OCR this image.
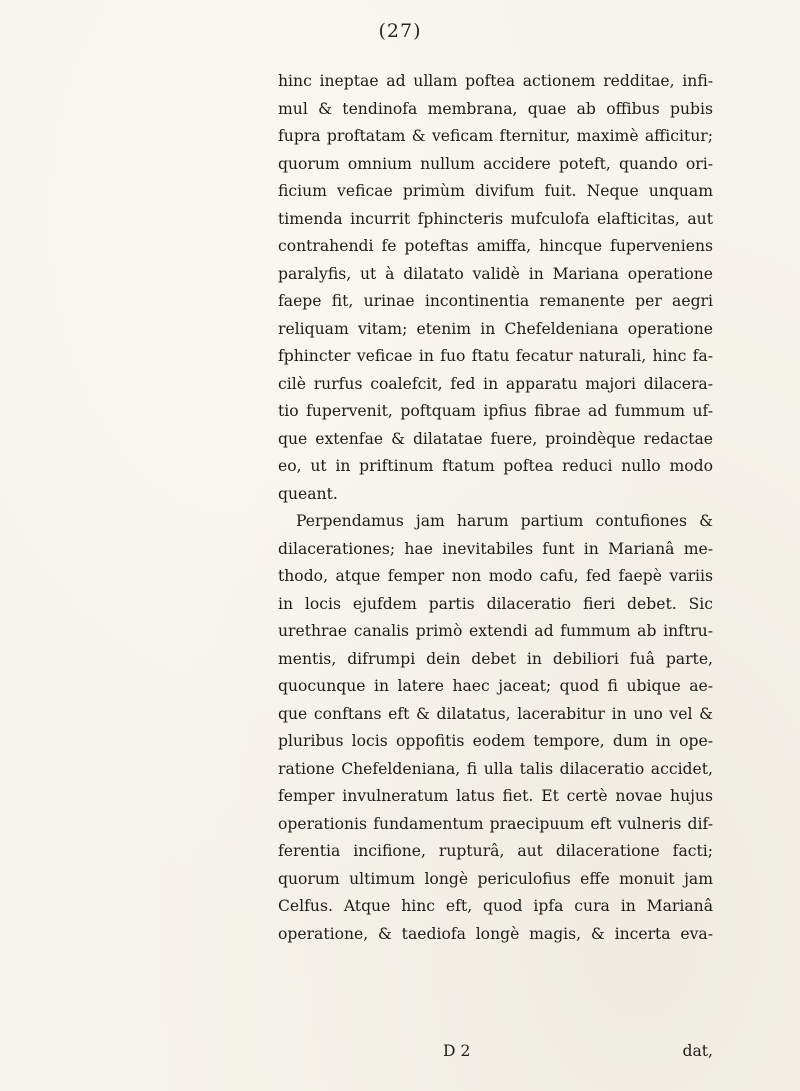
(27)
hinc ineptae ad ullam poftea actionem redditae, infi-
mul & tendinofa membrana, quae ab offibus pubis
fupra proftatam & veficam fternitur, maximè afficitur;
quorum omnium nullum accidere poteft, quando ori-
ficium veficae primùm divifum fuit. Neque unquam
timenda incurrit fphincteris mufculofa elafticitas, aut
contrahendi fe poteftas amiffa, hincque fuperveniens
paralyfis, ut à dilatato validè in Mariana operatione
faepe fit, urinae incontinentia remanente per aegri
reliquam vitam; etenim in Chefeldeniana operatione
fphincter veficae in fuo ftatu fecatur naturali, hinc fa-
cilè rurfus coalefcit, fed in apparatu majori dilacera-
tio fupervenit, poftquam ipfius fibrae ad fummum uf-
que extenfae & dilatatae fuere, proindèque redactae
eo, ut in priftinum ftatum poftea reduci nullo modo
queant.
Perpendamus jam harum partium contufiones &
dilacerationes; hae inevitabiles funt in Marianâ me-
thodo, atque femper non modo cafu, fed faepè variis
in locis ejufdem partis dilaceratio fieri debet. Sic
urethrae canalis primò extendi ad fummum ab inftru-
mentis, difrumpi dein debet in debiliori fuâ parte,
quocunque in latere haec jaceat; quod fi ubique ae-
que conftans eft & dilatatus, lacerabitur in uno vel &
pluribus locis oppofitis eodem tempore, dum in ope-
ratione Chefeldeniana, fi ulla talis dilaceratio accidet,
femper invulneratum latus fiet. Et certè novae hujus
operationis fundamentum praecipuum eft vulneris dif-
ferentia incifione, rupturâ, aut dilaceratione facti;
quorum ultimum longè periculofius effe monuit jam
Celfus. Atque hinc eft, quod ipfa cura in Marianâ
operatione, & taediofa longè magis, & incerta eva-
D 2	dat,
